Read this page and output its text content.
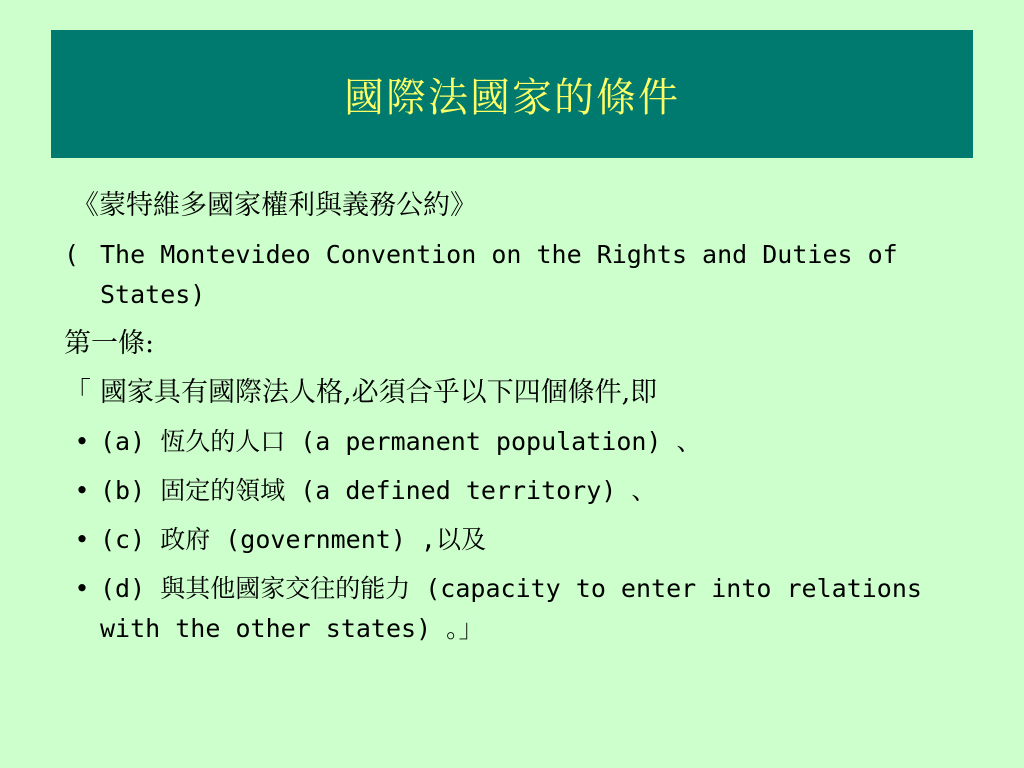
國際法國家的條件
《蒙特維多國家權利與義務公約》
( The Montevideo Convention on the Rights and Duties of States)
第一條:
「 國家具有國際法人格,必須合乎以下四個條件,即
• (a) 恆久的人口 (a permanent population) 、
• (b) 固定的領域 (a defined territory) 、
• (c) 政府 (government) ,以及
• (d) 與其他國家交往的能力 (capacity to enter into relations with the other states) 。」
